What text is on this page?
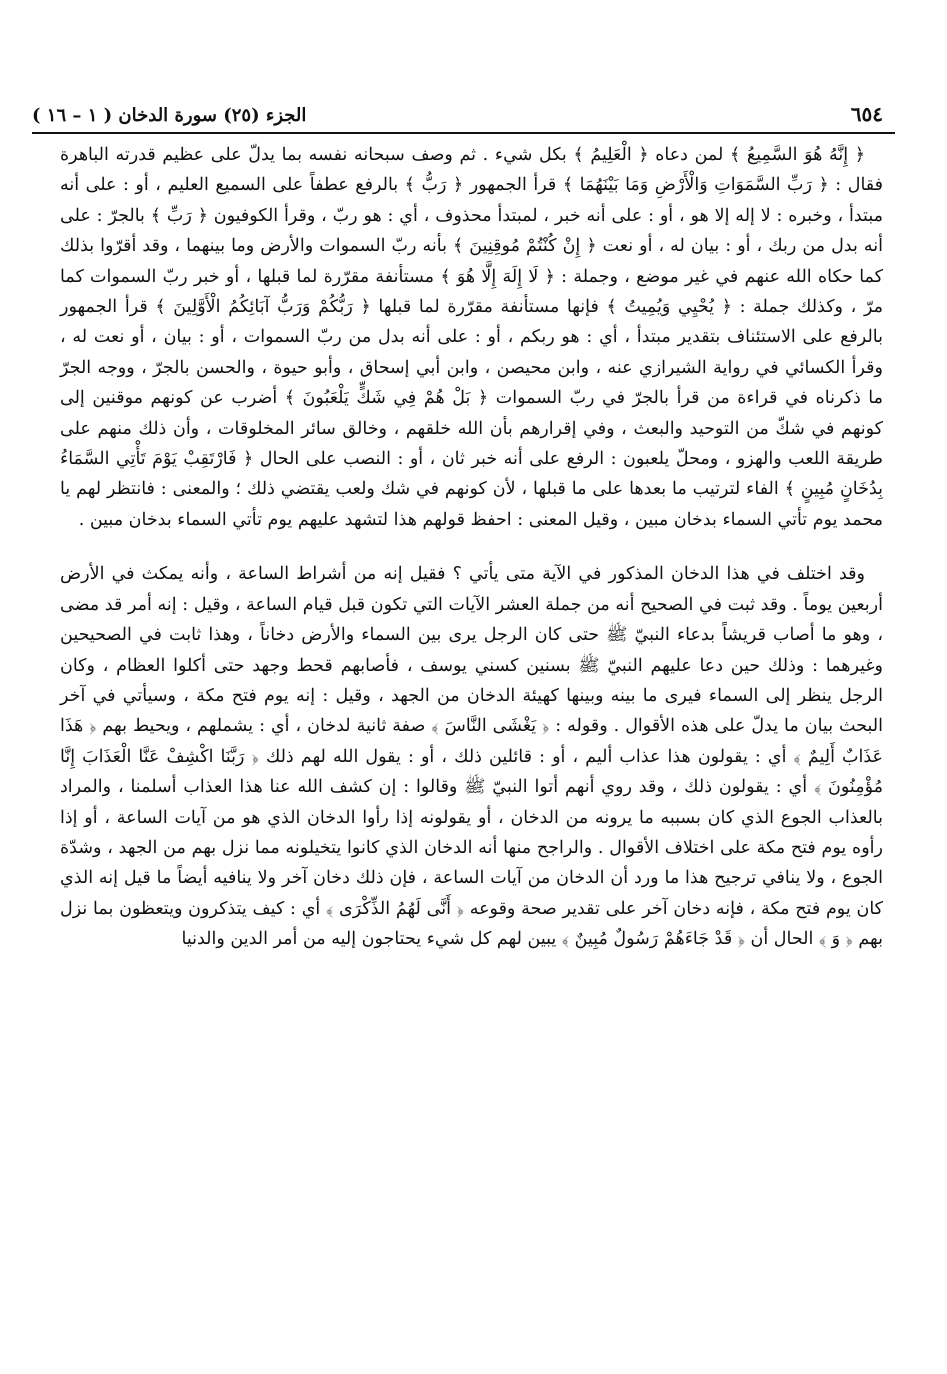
٦٥٤
الجزء (٢٥) سورة الدخان ( ١ – ١٦ )

﴿ إِنَّهُ هُوَ السَّمِيعُ ﴾ لمن دعاه ﴿ الْعَلِيمُ ﴾ بكل شيء . ثم وصف سبحانه نفسه بما يدلّ على عظيم قدرته الباهرة فقال : ﴿ رَبِّ السَّمَوَاتِ وَالْأَرْضِ وَمَا بَيْنَهُمَا ﴾ قرأ الجمهور ﴿ رَبُّ ﴾ بالرفع عطفاً على السميع العليم ، أو : على أنه مبتدأ ، وخبره : لا إله إلا هو ، أو : على أنه خبر ، لمبتدأ محذوف ، أي : هو ربّ ، وقرأ الكوفيون ﴿ رَبِّ ﴾ بالجرّ : على أنه بدل من ربك ، أو : بيان له ، أو نعت ﴿ إِنْ كُنْتُمْ مُوقِنِينَ ﴾ بأنه ربّ السموات والأرض وما بينهما ، وقد أقرّوا بذلك كما حكاه الله عنهم في غير موضع ، وجملة : ﴿ لَا إِلَهَ إِلَّا هُوَ ﴾ مستأنفة مقرّرة لما قبلها ، أو خبر ربّ السموات كما مرّ ، وكذلك جملة : ﴿ يُحْيِي وَيُمِيتُ ﴾ فإنها مستأنفة مقرّرة لما قبلها ﴿ رَبُّكُمْ وَرَبُّ آبَائِكُمُ الْأَوَّلِينَ ﴾ قرأ الجمهور بالرفع على الاستئناف بتقدير مبتدأ ، أي : هو ربكم ، أو : على أنه بدل من ربّ السموات ، أو : بيان ، أو نعت له ، وقرأ الكسائي في رواية الشيرازي عنه ، وابن محيصن ، وابن أبي إسحاق ، وأبو حيوة ، والحسن بالجرّ ، ووجه الجرّ ما ذكرناه في قراءة من قرأ بالجرّ في ربّ السموات ﴿ بَلْ هُمْ فِي شَكٍّ يَلْعَبُونَ ﴾ أضرب عن كونهم موقنين إلى كونهم في شكّ من التوحيد والبعث ، وفي إقرارهم بأن الله خلقهم ، وخالق سائر المخلوقات ، وأن ذلك منهم على طريقة اللعب والهزو ، ومحلّ يلعبون : الرفع على أنه خبر ثان ، أو : النصب على الحال ﴿ فَارْتَقِبْ يَوْمَ تَأْتِي السَّمَاءُ بِدُخَانٍ مُبِينٍ ﴾ الفاء لترتيب ما بعدها على ما قبلها ، لأن كونهم في شك ولعب يقتضي ذلك ؛ والمعنى : فانتظر لهم يا محمد يوم تأتي السماء بدخان مبين ، وقيل المعنى : احفظ قولهم هذا لتشهد عليهم يوم تأتي السماء بدخان مبين .

وقد اختلف في هذا الدخان المذكور في الآية متى يأتي ؟ فقيل إنه من أشراط الساعة ، وأنه يمكث في الأرض أربعين يوماً . وقد ثبت في الصحيح أنه من جملة العشر الآيات التي تكون قبل قيام الساعة ، وقيل : إنه أمر قد مضى ، وهو ما أصاب قريشاً بدعاء النبيّ ﷺ حتى كان الرجل يرى بين السماء والأرض دخاناً ، وهذا ثابت في الصحيحين وغيرهما : وذلك حين دعا عليهم النبيّ ﷺ بسنين كسني يوسف ، فأصابهم قحط وجهد حتى أكلوا العظام ، وكان الرجل ينظر إلى السماء فيرى ما بينه وبينها كهيئة الدخان من الجهد ، وقيل : إنه يوم فتح مكة ، وسيأتي في آخر البحث بيان ما يدلّ على هذه الأقوال . وقوله : ﴿ يَغْشَى النَّاسَ ﴾ صفة ثانية لدخان ، أي : يشملهم ، ويحيط بهم ﴿ هَذَا عَذَابٌ أَلِيمٌ ﴾ أي : يقولون هذا عذاب أليم ، أو : قائلين ذلك ، أو : يقول الله لهم ذلك ﴿ رَبَّنَا اكْشِفْ عَنَّا الْعَذَابَ إِنَّا مُؤْمِنُونَ ﴾ أي : يقولون ذلك ، وقد روي أنهم أتوا النبيّ ﷺ وقالوا : إن كشف الله عنا هذا العذاب أسلمنا ، والمراد بالعذاب الجوع الذي كان بسببه ما يرونه من الدخان ، أو يقولونه إذا رأوا الدخان الذي هو من آيات الساعة ، أو إذا رأوه يوم فتح مكة على اختلاف الأقوال . والراجح منها أنه الدخان الذي كانوا يتخيلونه مما نزل بهم من الجهد ، وشدّة الجوع ، ولا ينافي ترجيح هذا ما ورد أن الدخان من آيات الساعة ، فإن ذلك دخان آخر ولا ينافيه أيضاً ما قيل إنه الذي كان يوم فتح مكة ، فإنه دخان آخر على تقدير صحة وقوعه ﴿ أَنَّى لَهُمُ الذِّكْرَى ﴾ أي : كيف يتذكرون ويتعظون بما نزل بهم ﴿ وَ ﴾ الحال أن ﴿ قَدْ جَاءَهُمْ رَسُولٌ مُبِينٌ ﴾ يبين لهم كل شيء يحتاجون إليه من أمر الدين والدنيا
